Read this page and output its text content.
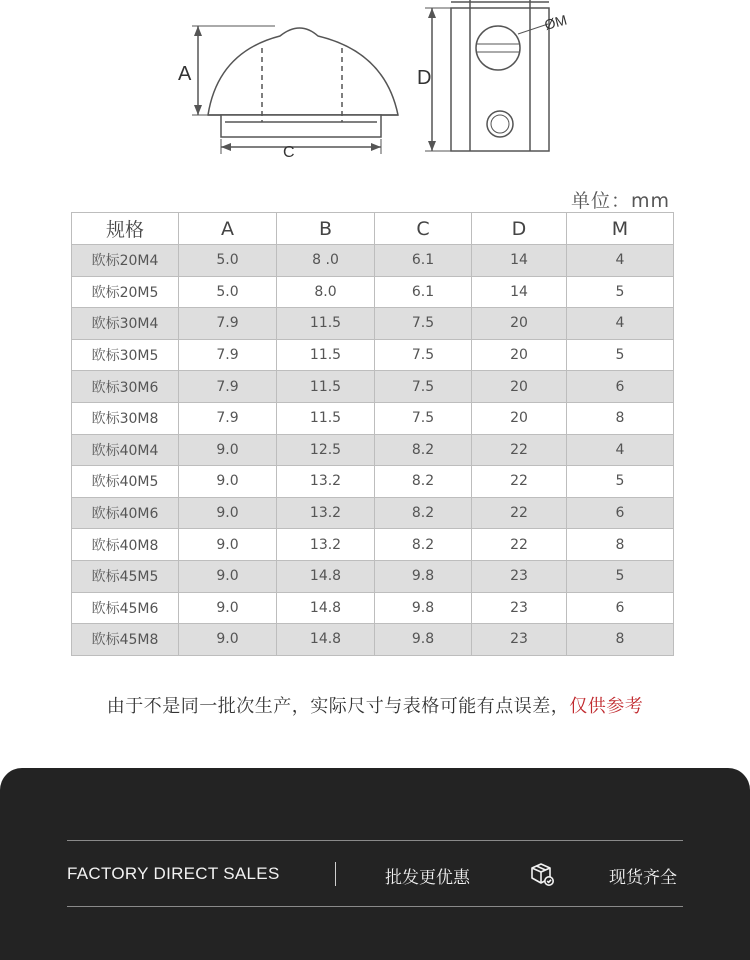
A
C
D
ØM
单位：mm
规格	A	B	C	D	M
欧标20M4	5.0	8 .0	6.1	14	4
欧标20M5	5.0	8.0	6.1	14	5
欧标30M4	7.9	11.5	7.5	20	4
欧标30M5	7.9	11.5	7.5	20	5
欧标30M6	7.9	11.5	7.5	20	6
欧标30M8	7.9	11.5	7.5	20	8
欧标40M4	9.0	12.5	8.2	22	4
欧标40M5	9.0	13.2	8.2	22	5
欧标40M6	9.0	13.2	8.2	22	6
欧标40M8	9.0	13.2	8.2	22	8
欧标45M5	9.0	14.8	9.8	23	5
欧标45M6	9.0	14.8	9.8	23	6
欧标45M8	9.0	14.8	9.8	23	8
由于不是同一批次生产，实际尺寸与表格可能有点误差，仅供参考
FACTORY DIRECT SALES	批发更优惠	现货齐全
